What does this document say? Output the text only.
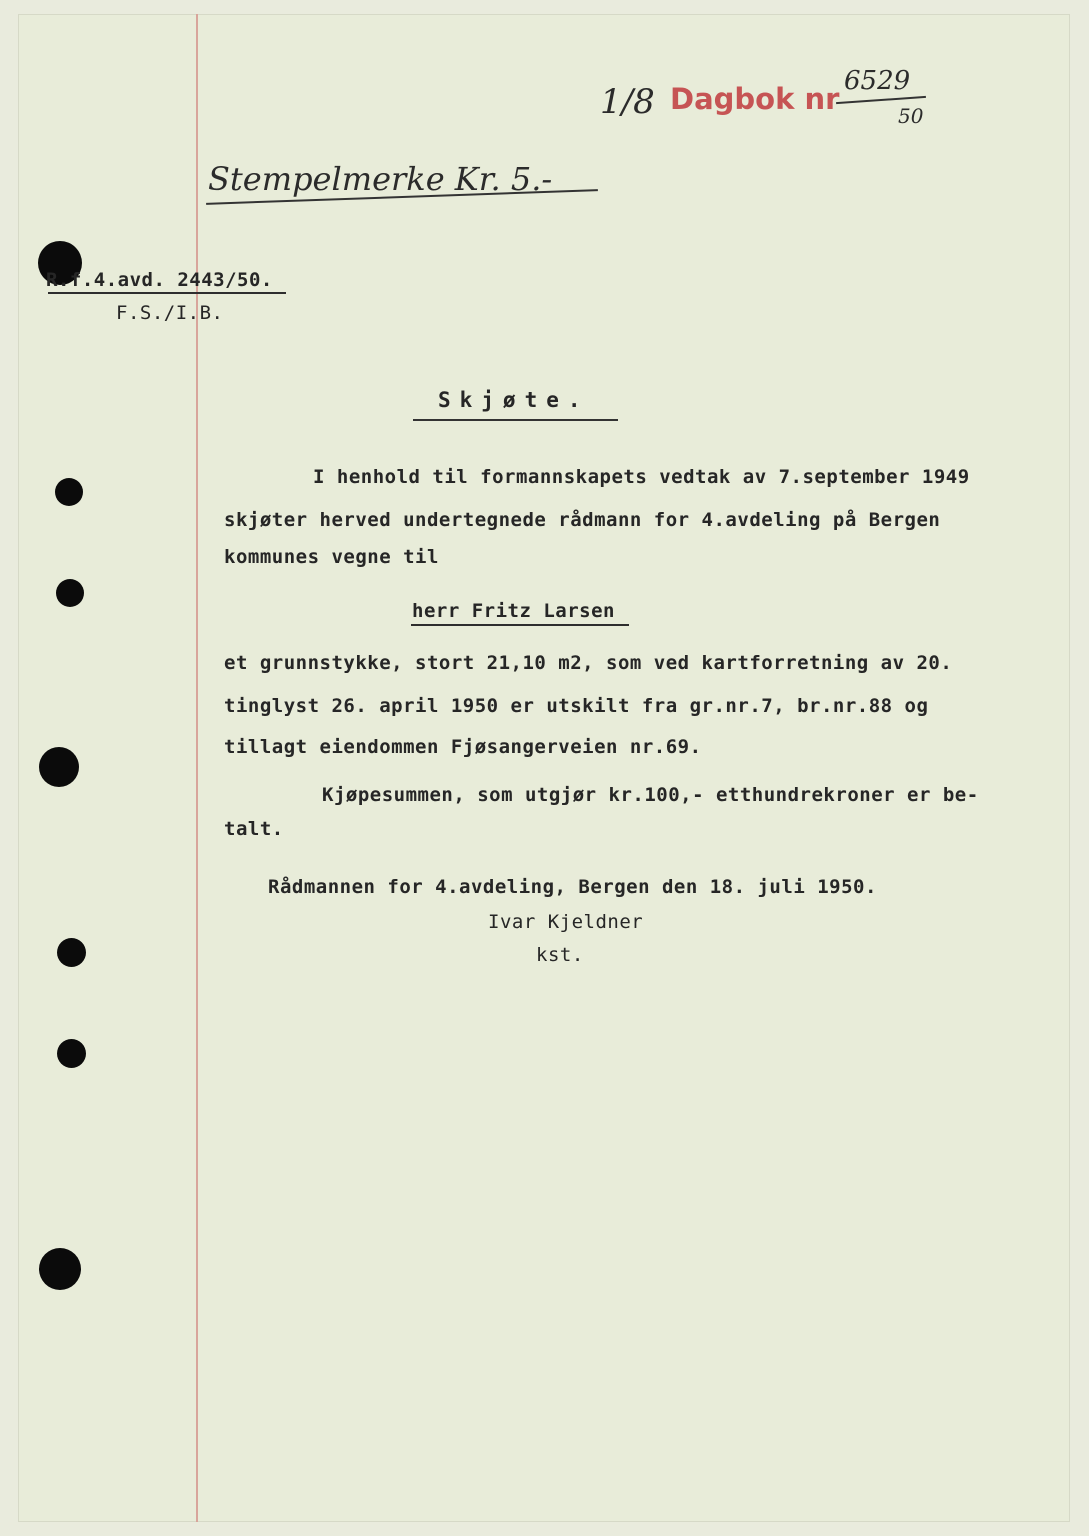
1/8 Dagbok nr
6529
50
Stempelmerke Kr. 5.-
R.f.4.avd. 2443/50.
F.S./I.B.
Skjøte.
I henhold til formannskapets vedtak av 7.september 1949
skjøter herved undertegnede rådmann for 4.avdeling på Bergen
kommunes vegne til
herr Fritz Larsen
et grunnstykke, stort 21,10 m2, som ved kartforretning av 20.
tinglyst 26. april 1950 er utskilt fra gr.nr.7, br.nr.88 og
tillagt eiendommen Fjøsangerveien nr.69.
Kjøpesummen, som utgjør kr.100,- etthundrekroner er be-
talt.
Rådmannen for 4.avdeling, Bergen den 18. juli 1950.
Ivar Kjeldner
kst.
